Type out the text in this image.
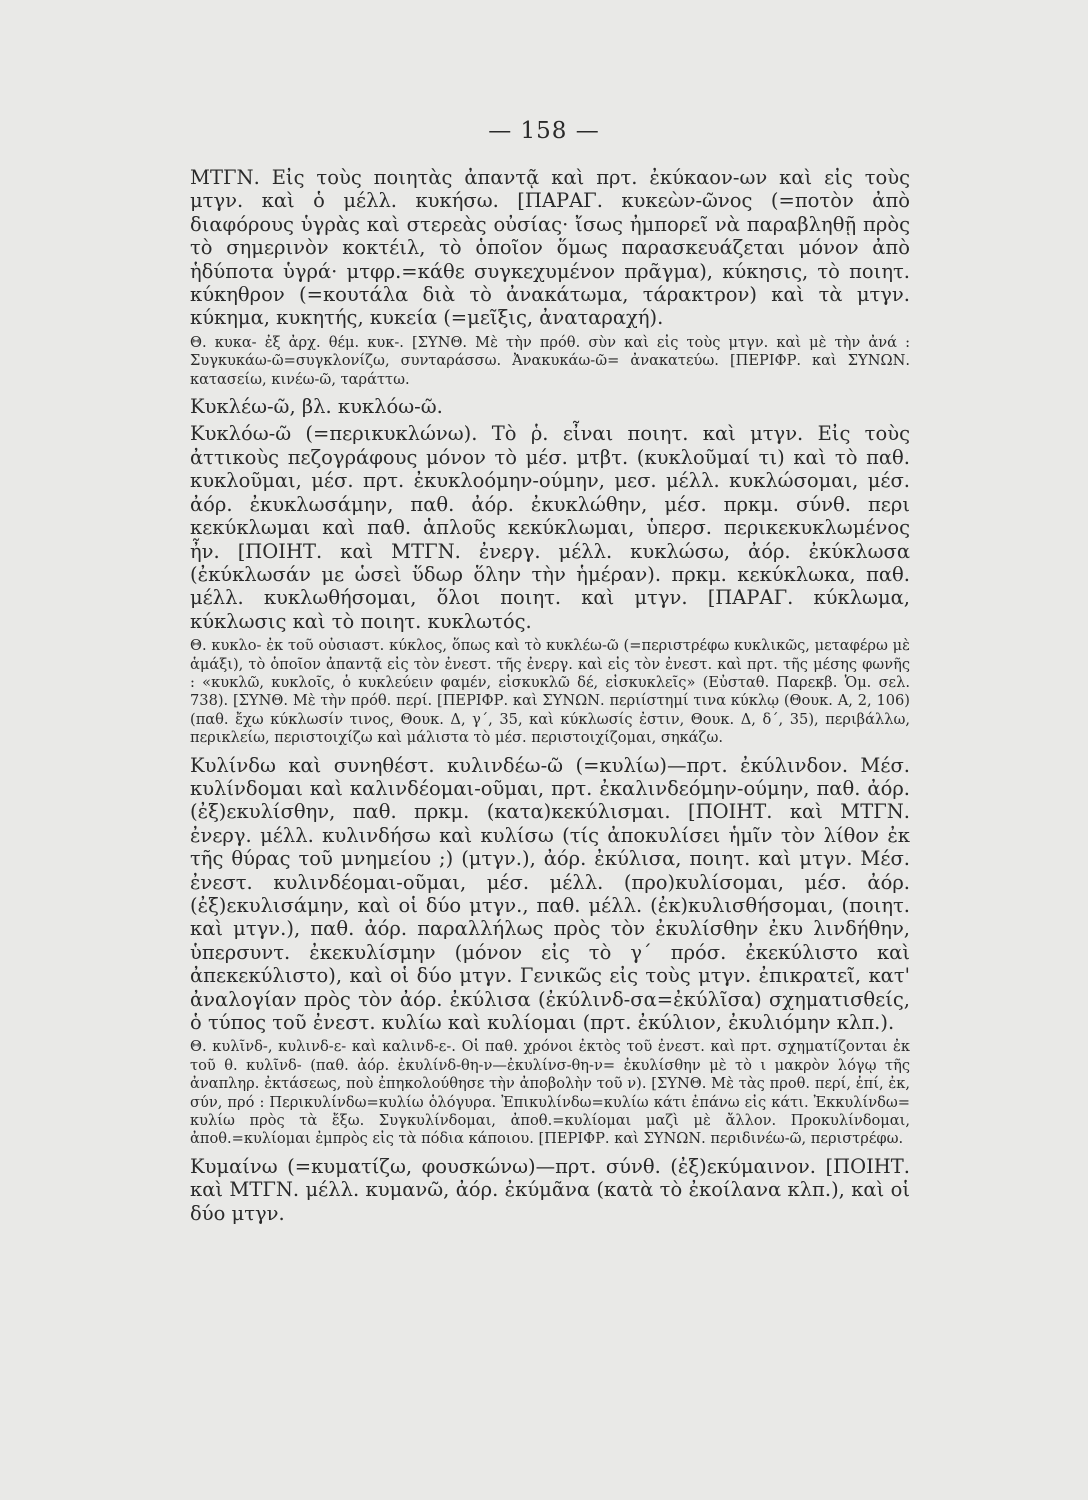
— 158 —

ΜΤΓΝ. Εἰς τοὺς ποιητὰς ἀπαντᾷ καὶ πρτ. ἐκύκαον-ων καὶ εἰς τοὺς μτγν. καὶ ὁ μέλλ. κυκήσω. [ΠΑΡΑΓ. κυκεὼν-ῶνος (=ποτὸν ἀπὸ διαφόρους ὑγρὰς καὶ στερεὰς οὐσίας· ἴσως ἠμπορεῖ νὰ παραβληθῇ πρὸς τὸ σημερινὸν κοκτέιλ, τὸ ὁποῖον ὅμως παρασκευάζεται μόνον ἀπὸ ἡδύποτα ὑγρά· μτφρ.=κάθε συγκεχυμένον πρᾶγμα), κύκησις, τὸ ποιητ. κύκηθρον (=κουτάλα διὰ τὸ ἀνακάτωμα, τάρακτρον) καὶ τὰ μτγν. κύκημα, κυκητής, κυκεία (=μεῖξις, ἀναταραχή).

Θ. κυκα- ἐξ ἀρχ. θέμ. κυκ-. [ΣΥΝΘ. Μὲ τὴν πρόθ. σὺν καὶ εἰς τοὺς μτγν. καὶ μὲ τὴν ἀνά : Συγκυκάω-ῶ=συγκλονίζω, συνταράσσω. Ἀνακυκάω-ῶ= ἀνακατεύω. [ΠΕΡΙΦΡ. καὶ ΣΥΝΩΝ. κατασείω, κινέω-ῶ, ταράττω.

Κυκλέω-ῶ, βλ. κυκλόω-ῶ.

Κυκλόω-ῶ (=περικυκλώνω). Τὸ ῥ. εἶναι ποιητ. καὶ μτγν. Εἰς τοὺς ἀττικοὺς πεζογράφους μόνον τὸ μέσ. μτβτ. (κυκλοῦμαί τι) καὶ τὸ παθ. κυκλοῦμαι, μέσ. πρτ. ἐκυκλοόμην-ούμην, μεσ. μέλλ. κυκλώσομαι, μέσ. ἀόρ. ἐκυκλωσάμην, παθ. ἀόρ. ἐκυκλώθην, μέσ. πρκμ. σύνθ. περι κεκύκλωμαι καὶ παθ. ἁπλοῦς κεκύκλωμαι, ὑπερσ. περικεκυκλωμένος ἦν. [ΠΟΙΗΤ. καὶ ΜΤΓΝ. ἐνεργ. μέλλ. κυκλώσω, ἀόρ. ἐκύκλωσα (ἐκύκλωσάν με ὡσεὶ ὕδωρ ὅλην τὴν ἡμέραν). πρκμ. κεκύκλωκα, παθ. μέλλ. κυκλωθήσομαι, ὅλοι ποιητ. καὶ μτγν. [ΠΑΡΑΓ. κύκλωμα, κύκλωσις καὶ τὸ ποιητ. κυκλωτός.

Θ. κυκλο- ἐκ τοῦ οὐσιαστ. κύκλος, ὅπως καὶ τὸ κυκλέω-ῶ (=περιστρέφω κυκλικῶς, μεταφέρω μὲ ἁμάξι), τὸ ὁποῖον ἀπαντᾷ εἰς τὸν ἐνεστ. τῆς ἐνεργ. καὶ εἰς τὸν ἐνεστ. καὶ πρτ. τῆς μέσης φωνῆς : «κυκλῶ, κυκλοῖς, ὁ κυκλεύειν φαμέν, εἰσκυκλῶ δέ, εἰσκυκλεῖς» (Εὐσταθ. Παρεκβ. Ὁμ. σελ. 738). [ΣΥΝΘ. Μὲ τὴν πρόθ. περί. [ΠΕΡΙΦΡ. καὶ ΣΥΝΩΝ. περιίστημί τινα κύκλῳ (Θουκ. Α, 2, 106) (παθ. ἔχω κύκλωσίν τινος, Θουκ. Δ, γ΄, 35, καὶ κύκλωσίς ἐστιν, Θουκ. Δ, δ΄, 35), περιβάλλω, περικλείω, περιστοιχίζω καὶ μάλιστα τὸ μέσ. περιστοιχίζομαι, σηκάζω.

Κυλίνδω καὶ συνηθέστ. κυλινδέω-ῶ (=κυλίω)—πρτ. ἐκύλινδον. Μέσ. κυλίνδομαι καὶ καλινδέομαι-οῦμαι, πρτ. ἐκαλινδεόμην-ούμην, παθ. ἀόρ. (ἐξ)εκυλίσθην, παθ. πρκμ. (κατα)κεκύλισμαι. [ΠΟΙΗΤ. καὶ ΜΤΓΝ. ἐνεργ. μέλλ. κυλινδήσω καὶ κυλίσω (τίς ἀποκυλίσει ἡμῖν τὸν λίθον ἐκ τῆς θύρας τοῦ μνημείου ;) (μτγν.), ἀόρ. ἐκύλισα, ποιητ. καὶ μτγν. Μέσ. ἐνεστ. κυλινδέομαι-οῦμαι, μέσ. μέλλ. (προ)κυλίσομαι, μέσ. ἀόρ. (ἐξ)εκυλισάμην, καὶ οἱ δύο μτγν., παθ. μέλλ. (ἐκ)κυλισθήσομαι, (ποιητ. καὶ μτγν.), παθ. ἀόρ. παραλλήλως πρὸς τὸν ἐκυλίσθην ἐκυ λινδήθην, ὑπερσυντ. ἐκεκυλίσμην (μόνον εἰς τὸ γ΄ πρόσ. ἐκεκύλιστο καὶ ἀπεκεκύλιστο), καὶ οἱ δύο μτγν. Γενικῶς εἰς τοὺς μτγν. ἐπικρατεῖ, κατ' ἀναλογίαν πρὸς τὸν ἀόρ. ἐκύλισα (ἐκύλινδ-σα=ἐκύλῖσα) σχηματισθείς, ὁ τύπος τοῦ ἐνεστ. κυλίω καὶ κυλίομαι (πρτ. ἐκύλιον, ἐκυλιόμην κλπ.).

Θ. κυλῖνδ-, κυλινδ-ε- καὶ καλινδ-ε-. Οἱ παθ. χρόνοι ἐκτὸς τοῦ ἐνεστ. καὶ πρτ. σχηματίζονται ἐκ τοῦ θ. κυλῖνδ- (παθ. ἀόρ. ἐκυλίνδ-θη-ν—ἐκυλίνσ-θη-ν= ἐκυλίσθην μὲ τὸ ι μακρὸν λόγῳ τῆς ἀναπληρ. ἐκτάσεως, ποὺ ἐπηκολούθησε τὴν ἀποβολὴν τοῦ ν). [ΣΥΝΘ. Μὲ τὰς προθ. περί, ἐπί, ἐκ, σύν, πρό : Περικυλίνδω=κυλίω ὁλόγυρα. Ἐπικυλίνδω=κυλίω κάτι ἐπάνω εἰς κάτι. Ἐκκυλίνδω= κυλίω πρὸς τὰ ἔξω. Συγκυλίνδομαι, ἀποθ.=κυλίομαι μαζὶ μὲ ἄλλον. Προκυλίνδομαι, ἀποθ.=κυλίομαι ἐμπρὸς εἰς τὰ πόδια κάποιου. [ΠΕΡΙΦΡ. καὶ ΣΥΝΩΝ. περιδινέω-ῶ, περιστρέφω.

Κυμαίνω (=κυματίζω, φουσκώνω)—πρτ. σύνθ. (ἐξ)εκύμαινον. [ΠΟΙΗΤ. καὶ ΜΤΓΝ. μέλλ. κυμανῶ, ἀόρ. ἐκύμᾶνα (κατὰ τὸ ἐκοίλανα κλπ.), καὶ οἱ δύο μτγν.
